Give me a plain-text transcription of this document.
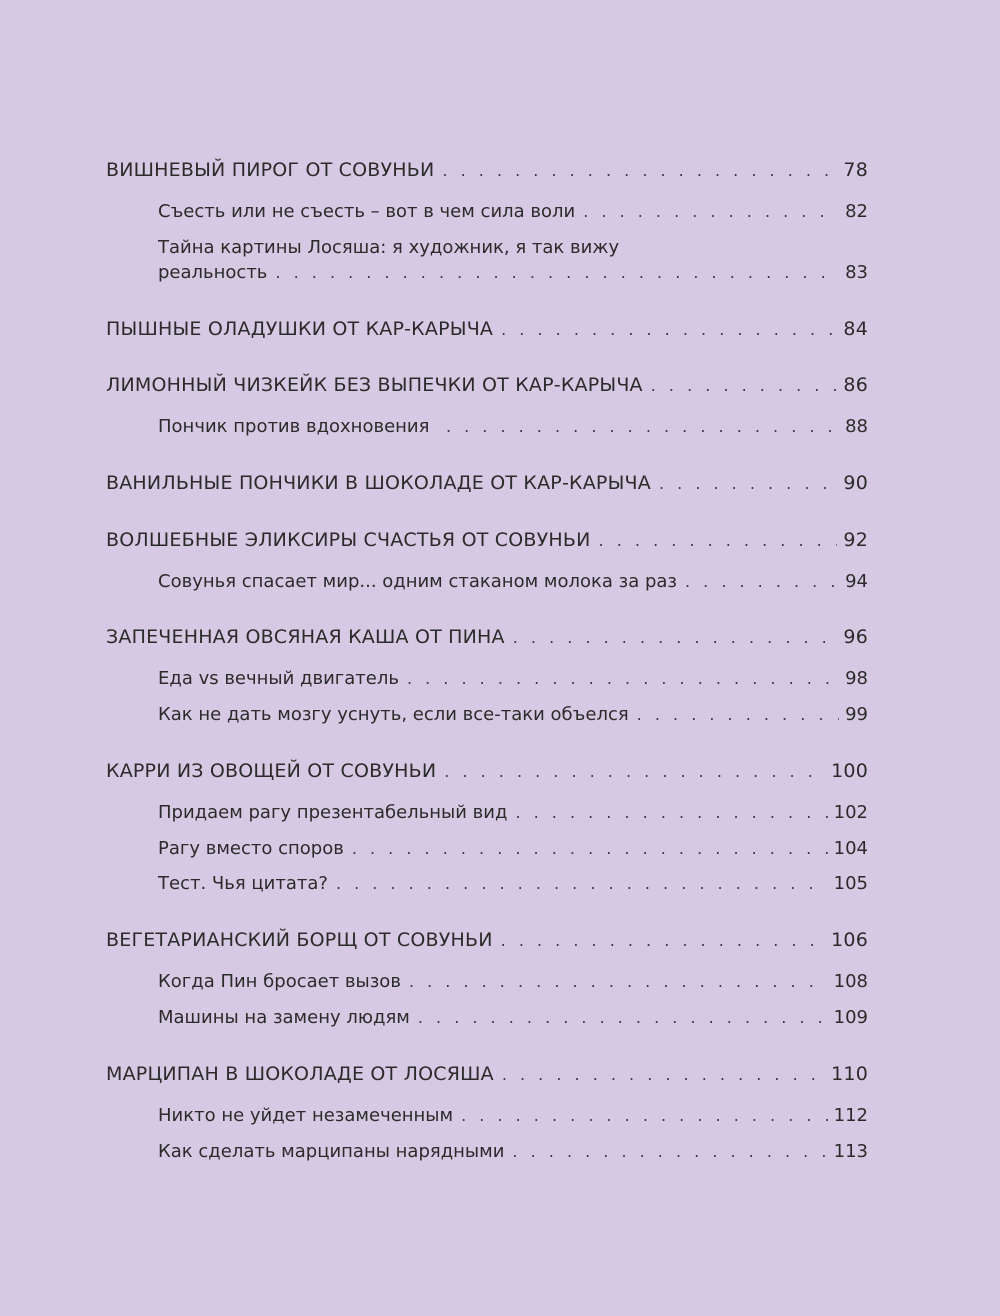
ВИШНЕВЫЙ ПИРОГ ОТ СОВУНЬИ . . .	78
Съесть или не съесть – вот в чем сила воли . . .	82
Тайна картины Лосяша: я художник, я так вижу
реальность . . .	83
ПЫШНЫЕ ОЛАДУШКИ ОТ КАР-КАРЫЧА . . .	84
ЛИМОННЫЙ ЧИЗКЕЙК БЕЗ ВЫПЕЧКИ ОТ КАР-КАРЫЧА . . .	86
Пончик против вдохновения . . .	88
ВАНИЛЬНЫЕ ПОНЧИКИ В ШОКОЛАДЕ ОТ КАР-КАРЫЧА . . .	90
ВОЛШЕБНЫЕ ЭЛИКСИРЫ СЧАСТЬЯ ОТ СОВУНЬИ . . .	92
Совунья спасает мир... одним стаканом молока за раз . . .	94
ЗАПЕЧЕННАЯ ОВСЯНАЯ КАША ОТ ПИНА . . .	96
Еда vs вечный двигатель . . .	98
Как не дать мозгу уснуть, если все-таки объелся . . .	99
КАРРИ ИЗ ОВОЩЕЙ ОТ СОВУНЬИ . . .	100
Придаем рагу презентабельный вид . . .	102
Рагу вместо споров . . .	104
Тест. Чья цитата? . . .	105
ВЕГЕТАРИАНСКИЙ БОРЩ ОТ СОВУНЬИ . . .	106
Когда Пин бросает вызов . . .	108
Машины на замену людям . . .	109
МАРЦИПАН В ШОКОЛАДЕ ОТ ЛОСЯША . . .	110
Никто не уйдет незамеченным . . .	112
Как сделать марципаны нарядными . . .	113
